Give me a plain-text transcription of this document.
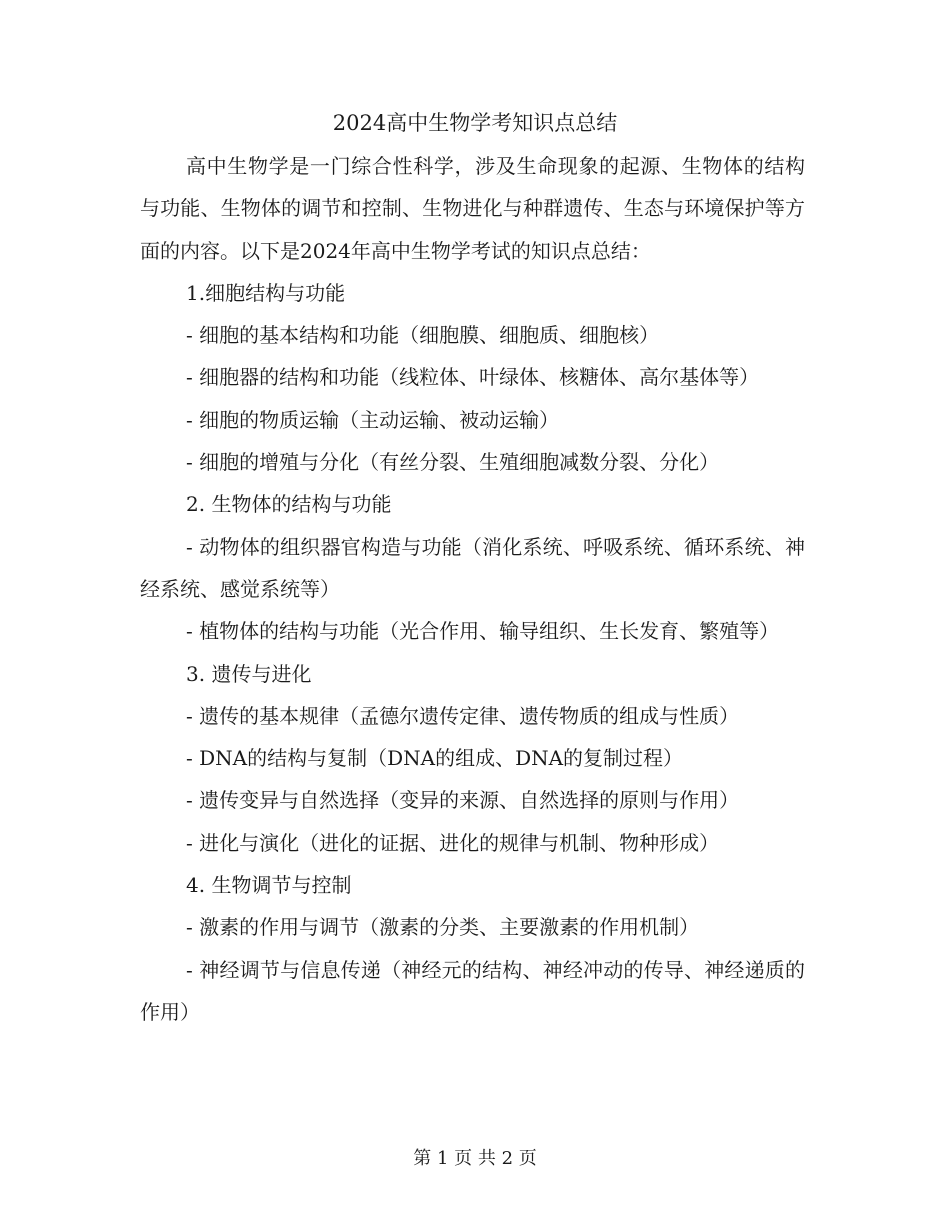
2024高中生物学考知识点总结

高中生物学是一门综合性科学，涉及生命现象的起源、生物体的结构与功能、生物体的调节和控制、生物进化与种群遗传、生态与环境保护等方面的内容。以下是2024年高中生物学考试的知识点总结：

1.细胞结构与功能

- 细胞的基本结构和功能（细胞膜、细胞质、细胞核）

- 细胞器的结构和功能（线粒体、叶绿体、核糖体、高尔基体等）

- 细胞的物质运输（主动运输、被动运输）

- 细胞的增殖与分化（有丝分裂、生殖细胞减数分裂、分化）

2. 生物体的结构与功能

- 动物体的组织器官构造与功能（消化系统、呼吸系统、循环系统、神经系统、感觉系统等）

- 植物体的结构与功能（光合作用、输导组织、生长发育、繁殖等）

3. 遗传与进化

- 遗传的基本规律（孟德尔遗传定律、遗传物质的组成与性质）

- DNA的结构与复制（DNA的组成、DNA的复制过程）

- 遗传变异与自然选择（变异的来源、自然选择的原则与作用）

- 进化与演化（进化的证据、进化的规律与机制、物种形成）

4. 生物调节与控制

- 激素的作用与调节（激素的分类、主要激素的作用机制）

- 神经调节与信息传递（神经元的结构、神经冲动的传导、神经递质的作用）

第 1 页 共 2 页
